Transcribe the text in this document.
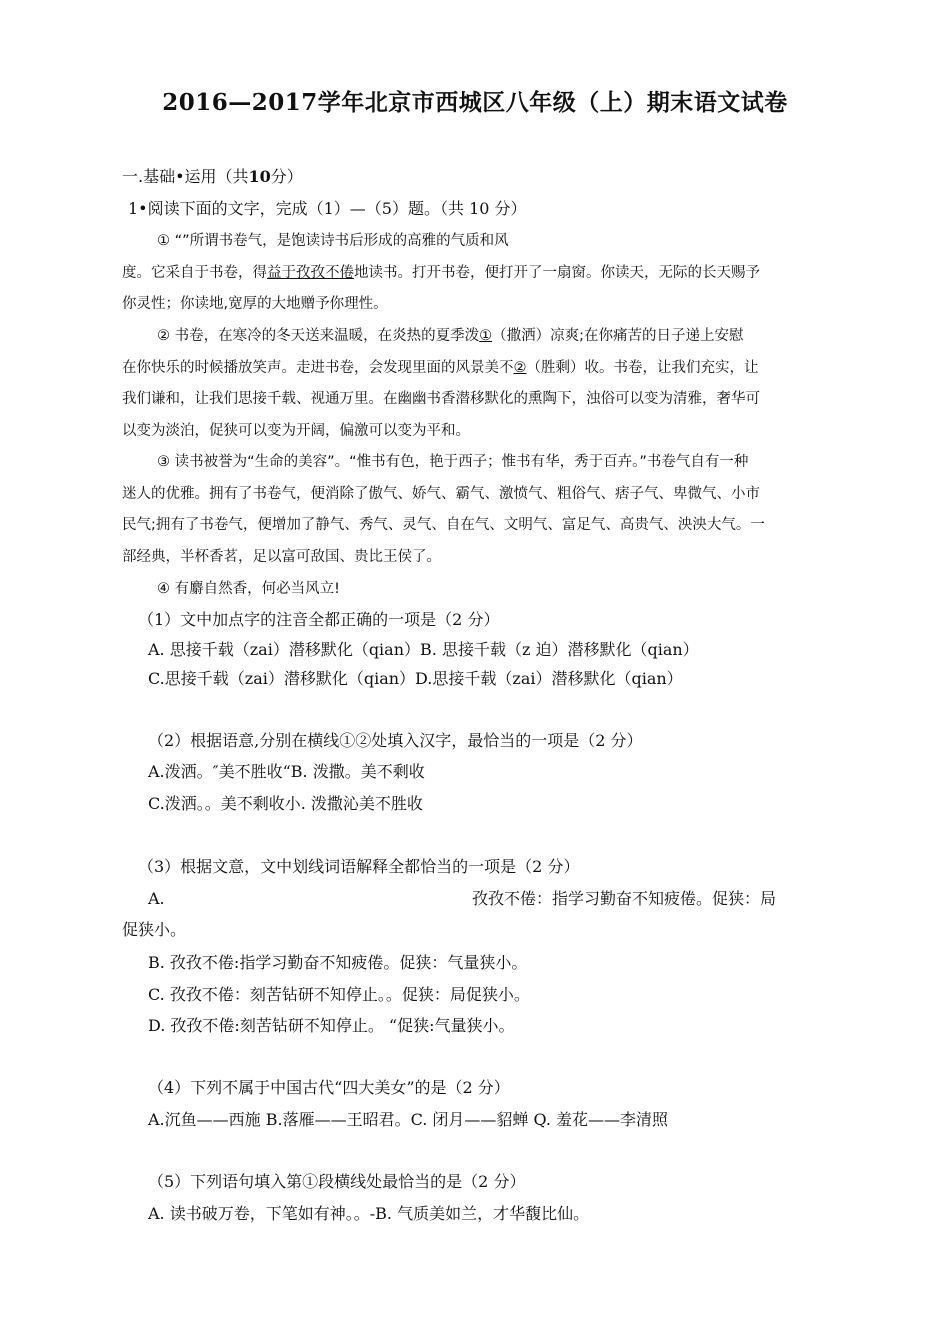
2016—2017学年北京市西城区八年级（上）期末语文试卷
一.基础•运用（共10分）
1•阅读下面的文字，完成（1）—（5）题。（共 10 分）
① “”所谓书卷气，是饱读诗书后形成的高雅的气质和风
度。它采自于书卷，得益于孜孜不倦地读书。打开书卷，便打开了一扇窗。你读天，无际的长天赐予
你灵性；你读地,宽厚的大地赠予你理性。
② 书卷，在寒冷的冬天送来温暖，在炎热的夏季泼①（撒洒）凉爽;在你痛苦的日子递上安慰
在你快乐的时候播放笑声。走进书卷，会发现里面的风景美不②（胜剩）收。书卷，让我们充实，让
我们谦和，让我们思接千载、视通万里。在幽幽书香潜移默化的熏陶下，浊俗可以变为清雅，奢华可
以变为淡泊，促狭可以变为开阔，偏激可以变为平和。
③ 读书被誉为“生命的美容”。“惟书有色，艳于西子；惟书有华，秀于百卉。”书卷气自有一种
迷人的优雅。拥有了书卷气，便消除了傲气、娇气、霸气、激愤气、粗俗气、痞子气、卑微气、小市
民气;拥有了书卷气，便增加了静气、秀气、灵气、自在气、文明气、富足气、高贵气、泱泱大气。一
部经典，半杯香茗，足以富可敌国、贵比王侯了。
④ 有麝自然香，何必当风立!
（1）文中加点字的注音全都正确的一项是（2 分）
A. 思接千载（zai）潜移默化（qian）B. 思接千载（z 迫）潜移默化（qian）
C.思接千载（zai）潜移默化（qian）D.思接千载（zai）潜移默化（qian）
（2）根据语意,分别在横线①②处填入汉字，最恰当的一项是（2 分）
A.泼洒。″美不胜收“B. 泼撒。美不剩收
C.泼洒。。美不剩收小. 泼撒沁美不胜收
（3）根据文意，文中划线词语解释全都恰当的一项是（2 分）
A.	孜孜不倦：指学习勤奋不知疲倦。促狭：局
促狭小。
B. 孜孜不倦:指学习勤奋不知疲倦。促狭：气量狭小。
C. 孜孜不倦：刻苦钻研不知停止。。促狭：局促狭小。
D. 孜孜不倦:刻苦钻研不知停止。 “促狭:气量狭小。
（4）下列不属于中国古代“四大美女”的是（2 分）
A.沉鱼——西施 B.落雁——王昭君。C. 闭月——貂蝉 Q. 羞花——李清照
（5）下列语句填入第①段横线处最恰当的是（2 分）
A. 读书破万卷，下笔如有神。。-B. 气质美如兰，才华馥比仙。
